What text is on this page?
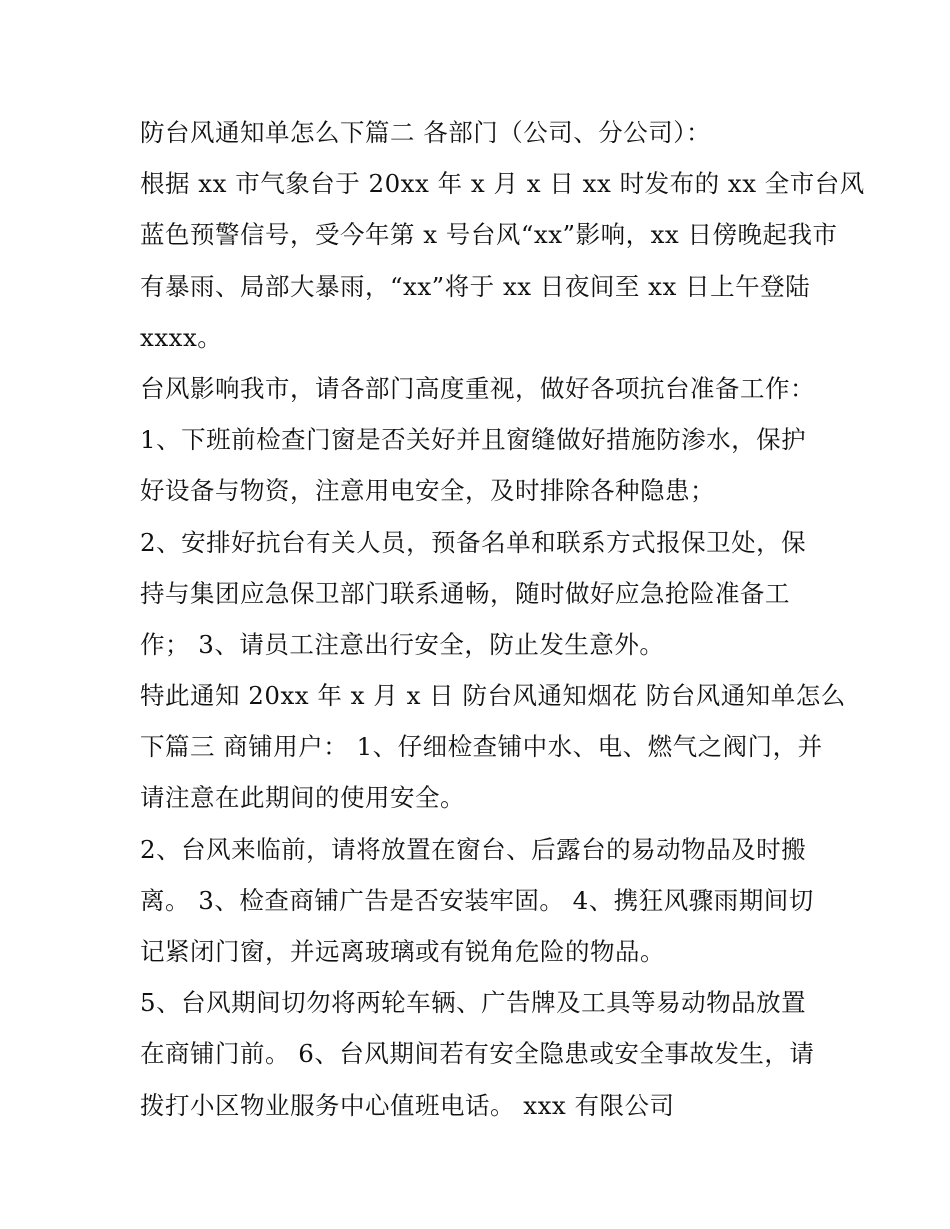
防台风通知单怎么下篇二 各部门（公司、分公司）：
根据 xx 市气象台于 20xx 年 x 月 x 日 xx 时发布的 xx 全市台风
蓝色预警信号，受今年第 x 号台风“xx”影响，xx 日傍晚起我市
有暴雨、局部大暴雨，“xx”将于 xx 日夜间至 xx 日上午登陆
xxxx。
台风影响我市，请各部门高度重视，做好各项抗台准备工作：
1、下班前检查门窗是否关好并且窗缝做好措施防渗水，保护
好设备与物资，注意用电安全，及时排除各种隐患；
2、安排好抗台有关人员，预备名单和联系方式报保卫处，保
持与集团应急保卫部门联系通畅，随时做好应急抢险准备工
作； 3、请员工注意出行安全，防止发生意外。
特此通知 20xx 年 x 月 x 日 防台风通知烟花 防台风通知单怎么
下篇三 商铺用户： 1、仔细检查铺中水、电、燃气之阀门，并
请注意在此期间的使用安全。
2、台风来临前，请将放置在窗台、后露台的易动物品及时搬
离。 3、检查商铺广告是否安装牢固。 4、携狂风骤雨期间切
记紧闭门窗，并远离玻璃或有锐角危险的物品。
5、台风期间切勿将两轮车辆、广告牌及工具等易动物品放置
在商铺门前。 6、台风期间若有安全隐患或安全事故发生，请
拨打小区物业服务中心值班电话。 xxx 有限公司
